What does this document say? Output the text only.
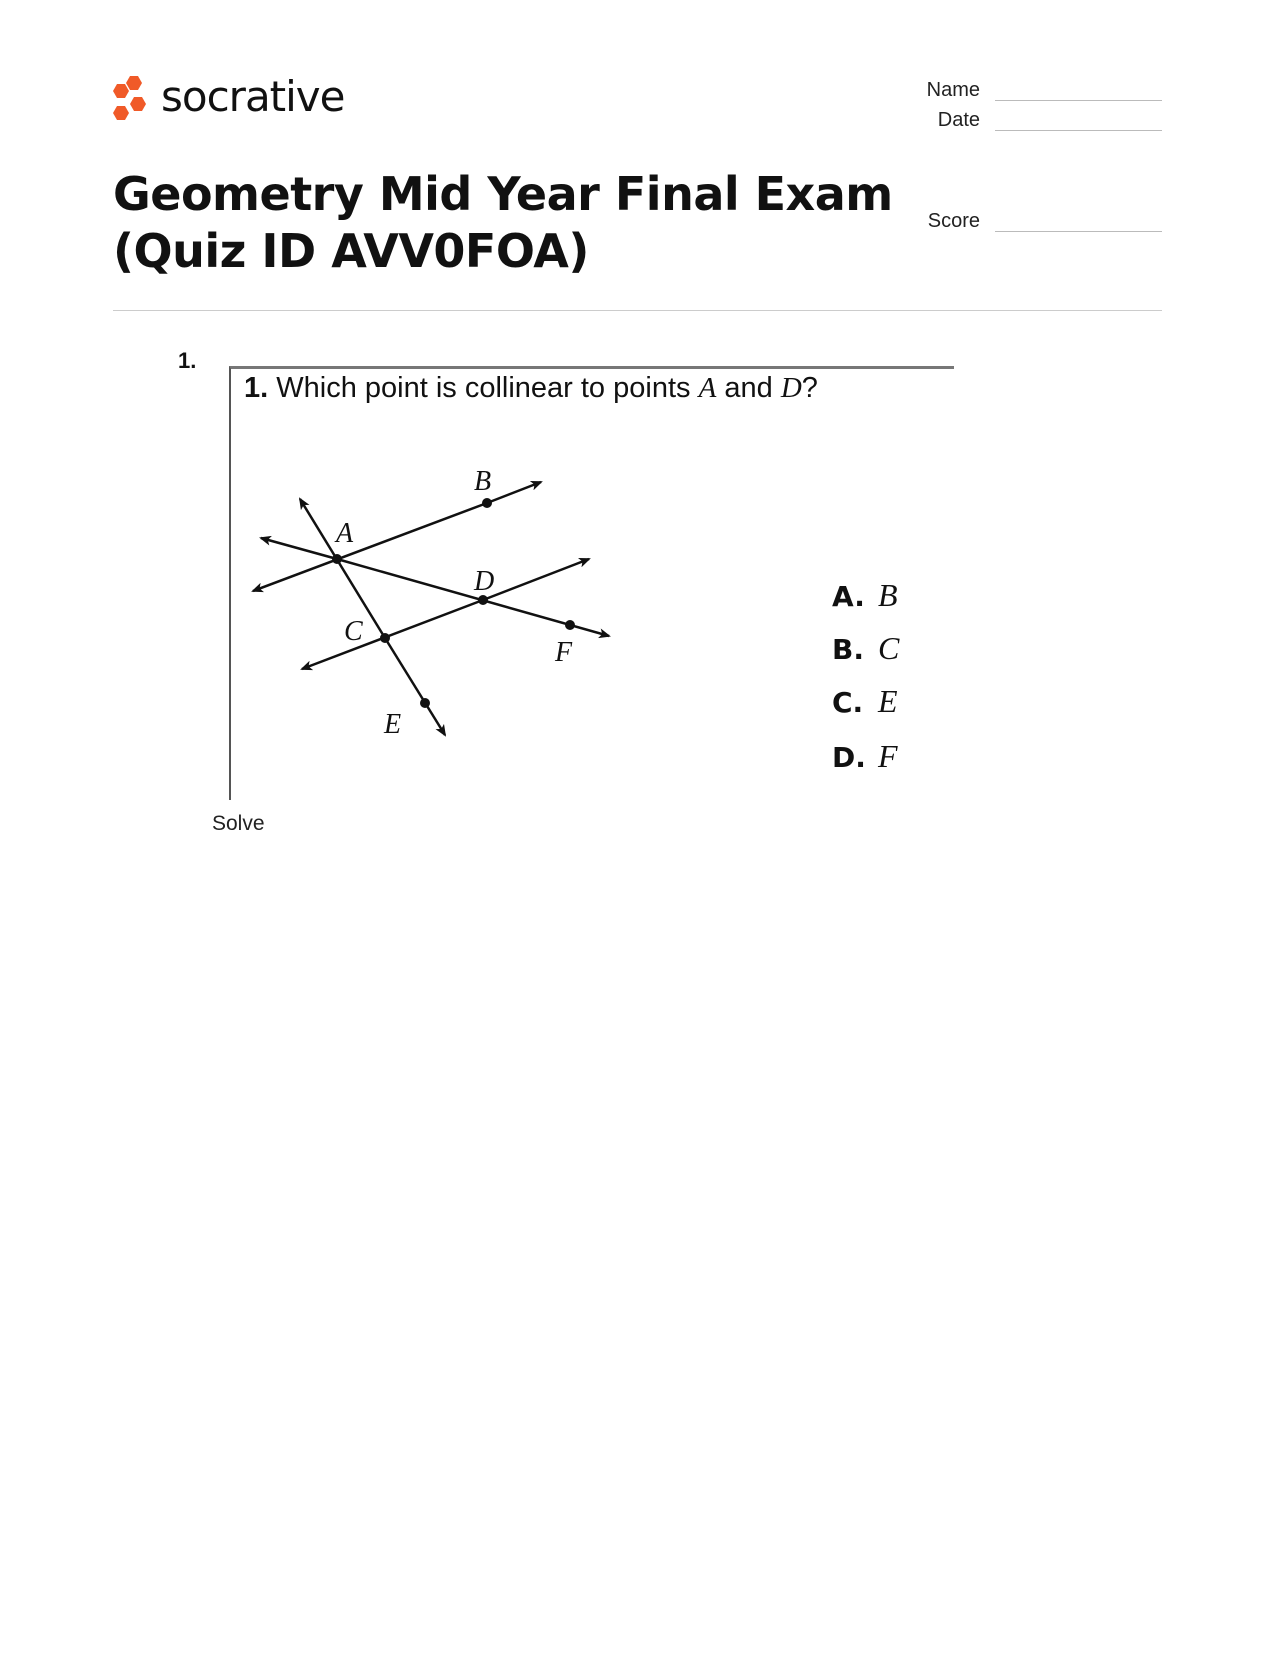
A
B
C
D
E
F
socrative	Name
Date
Score
Geometry Mid Year Final Exam
(Quiz ID AVV0FOA)
1.
1. Which point is collinear to points A and D?
A. B
B. C
C. E
D. F
Solve
